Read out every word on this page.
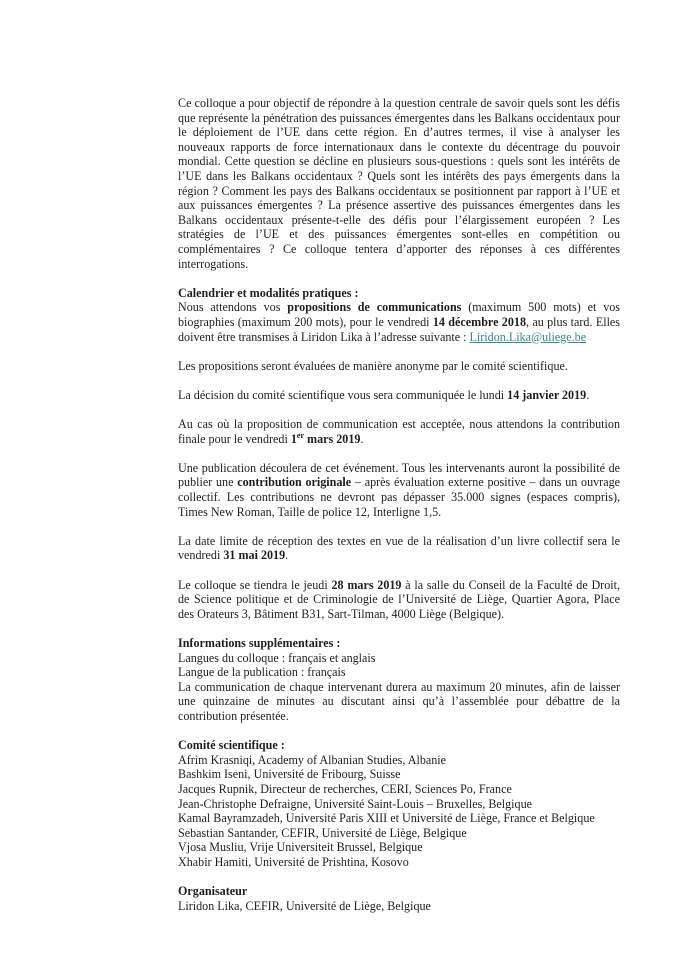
Ce colloque a pour objectif de répondre à la question centrale de savoir quels sont les défis que représente la pénétration des puissances émergentes dans les Balkans occidentaux pour le déploiement de l’UE dans cette région. En d’autres termes, il vise à analyser les nouveaux rapports de force internationaux dans le contexte du décentrage du pouvoir mondial. Cette question se décline en plusieurs sous-questions : quels sont les intérêts de l’UE dans les Balkans occidentaux ? Quels sont les intérêts des pays émergents dans la région ? Comment les pays des Balkans occidentaux se positionnent par rapport à l’UE et aux puissances émergentes ? La présence assertive des puissances émergentes dans les Balkans occidentaux présente-t-elle des défis pour l’élargissement européen ? Les stratégies de l’UE et des puissances émergentes sont-elles en compétition ou complémentaires ? Ce colloque tentera d’apporter des réponses à ces différentes interrogations.

Calendrier et modalités pratiques :

Nous attendons vos propositions de communications (maximum 500 mots) et vos biographies (maximum 200 mots), pour le vendredi 14 décembre 2018, au plus tard. Elles doivent être transmises à Liridon Lika à l’adresse suivante : Liridon.Lika@uliege.be

Les propositions seront évaluées de manière anonyme par le comité scientifique.

La décision du comité scientifique vous sera communiquée le lundi 14 janvier 2019.

Au cas où la proposition de communication est acceptée, nous attendons la contribution finale pour le vendredi 1er mars 2019.

Une publication découlera de cet événement. Tous les intervenants auront la possibilité de publier une contribution originale – après évaluation externe positive – dans un ouvrage collectif. Les contributions ne devront pas dépasser 35.000 signes (espaces compris), Times New Roman, Taille de police 12, Interligne 1,5.

La date limite de réception des textes en vue de la réalisation d’un livre collectif sera le vendredi 31 mai 2019.

Le colloque se tiendra le jeudi 28 mars 2019 à la salle du Conseil de la Faculté de Droit, de Science politique et de Criminologie de l’Université de Liège, Quartier Agora, Place des Orateurs 3, Bâtiment B31, Sart-Tilman, 4000 Liège (Belgique).

Informations supplémentaires :

Langues du colloque : français et anglais
Langue de la publication : français

La communication de chaque intervenant durera au maximum 20 minutes, afin de laisser une quinzaine de minutes au discutant ainsi qu’à l’assemblée pour débattre de la contribution présentée.

Comité scientifique :

Afrim Krasniqi, Academy of Albanian Studies, Albanie
Bashkim Iseni, Université de Fribourg, Suisse
Jacques Rupnik, Directeur de recherches, CERI, Sciences Po, France
Jean-Christophe Defraigne, Université Saint-Louis – Bruxelles, Belgique
Kamal Bayramzadeh, Université Paris XIII et Université de Liège, France et Belgique
Sebastian Santander, CEFIR, Université de Liège, Belgique
Vjosa Musliu, Vrije Universiteit Brussel, Belgique
Xhabir Hamiti, Université de Prishtina, Kosovo

Organisateur

Liridon Lika, CEFIR, Université de Liège, Belgique
